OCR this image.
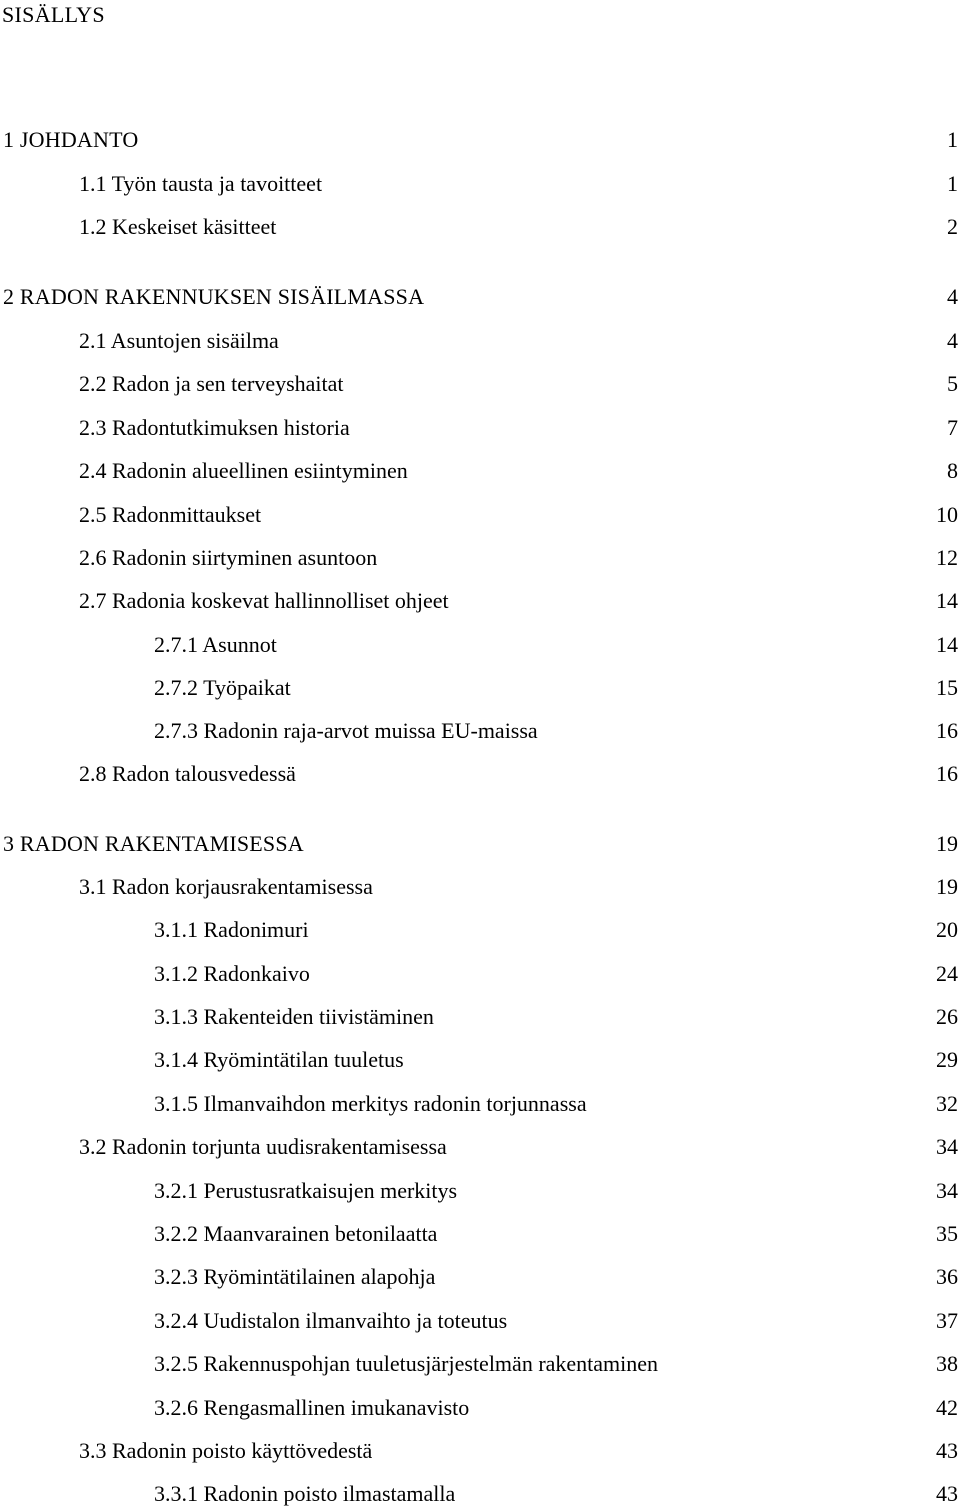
SISÄLLYS
1 JOHDANTO	1
1.1 Työn tausta ja tavoitteet	1
1.2 Keskeiset käsitteet	2
2 RADON RAKENNUKSEN SISÄILMASSA	4
2.1 Asuntojen sisäilma	4
2.2 Radon ja sen terveyshaitat	5
2.3 Radontutkimuksen historia	7
2.4 Radonin alueellinen esiintyminen	8
2.5 Radonmittaukset	10
2.6 Radonin siirtyminen asuntoon	12
2.7 Radonia koskevat hallinnolliset ohjeet	14
2.7.1 Asunnot	14
2.7.2 Työpaikat	15
2.7.3 Radonin raja-arvot muissa EU-maissa	16
2.8 Radon talousvedessä	16
3 RADON RAKENTAMISESSA	19
3.1 Radon korjausrakentamisessa	19
3.1.1 Radonimuri	20
3.1.2 Radonkaivo	24
3.1.3 Rakenteiden tiivistäminen	26
3.1.4 Ryömintätilan tuuletus	29
3.1.5 Ilmanvaihdon merkitys radonin torjunnassa	32
3.2 Radonin torjunta uudisrakentamisessa	34
3.2.1 Perustusratkaisujen merkitys	34
3.2.2 Maanvarainen betonilaatta	35
3.2.3 Ryömintätilainen alapohja	36
3.2.4 Uudistalon ilmanvaihto ja toteutus	37
3.2.5 Rakennuspohjan tuuletusjärjestelmän rakentaminen	38
3.2.6 Rengasmallinen imukanavisto	42
3.3 Radonin poisto käyttövedestä	43
3.3.1 Radonin poisto ilmastamalla	43
